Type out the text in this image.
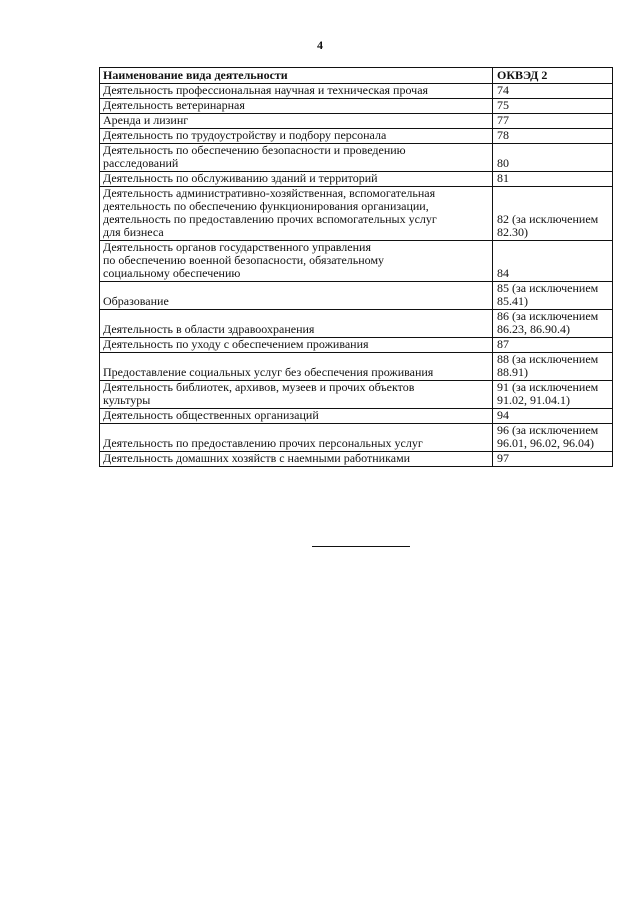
4
Наименование вида деятельности	ОКВЭД 2

Деятельность профессиональная научная и техническая прочая	74

Деятельность ветеринарная	75

Аренда и лизинг	77

Деятельность по трудоустройству и подбору персонала	78

Деятельность по обеспечению безопасности и проведению
расследований	80

Деятельность по обслуживанию зданий и территорий	81

Деятельность административно-хозяйственная, вспомогательная
деятельность по обеспечению функционирования организации,
деятельность по предоставлению прочих вспомогательных услуг
для бизнеса	82 (за исключением
82.30)

Деятельность органов государственного управления
по обеспечению военной безопасности, обязательному
социальному обеспечению	84

Образование	85 (за исключением
85.41)

Деятельность в области здравоохранения	86 (за исключением
86.23, 86.90.4)

Деятельность по уходу с обеспечением проживания	87

Предоставление социальных услуг без обеспечения проживания	88 (за исключением
88.91)

Деятельность библиотек, архивов, музеев и прочих объектов
культуры	91 (за исключением
91.02, 91.04.1)

Деятельность общественных организаций	94

Деятельность по предоставлению прочих персональных услуг	96 (за исключением
96.01, 96.02, 96.04)

Деятельность домашних хозяйств с наемными работниками	97
